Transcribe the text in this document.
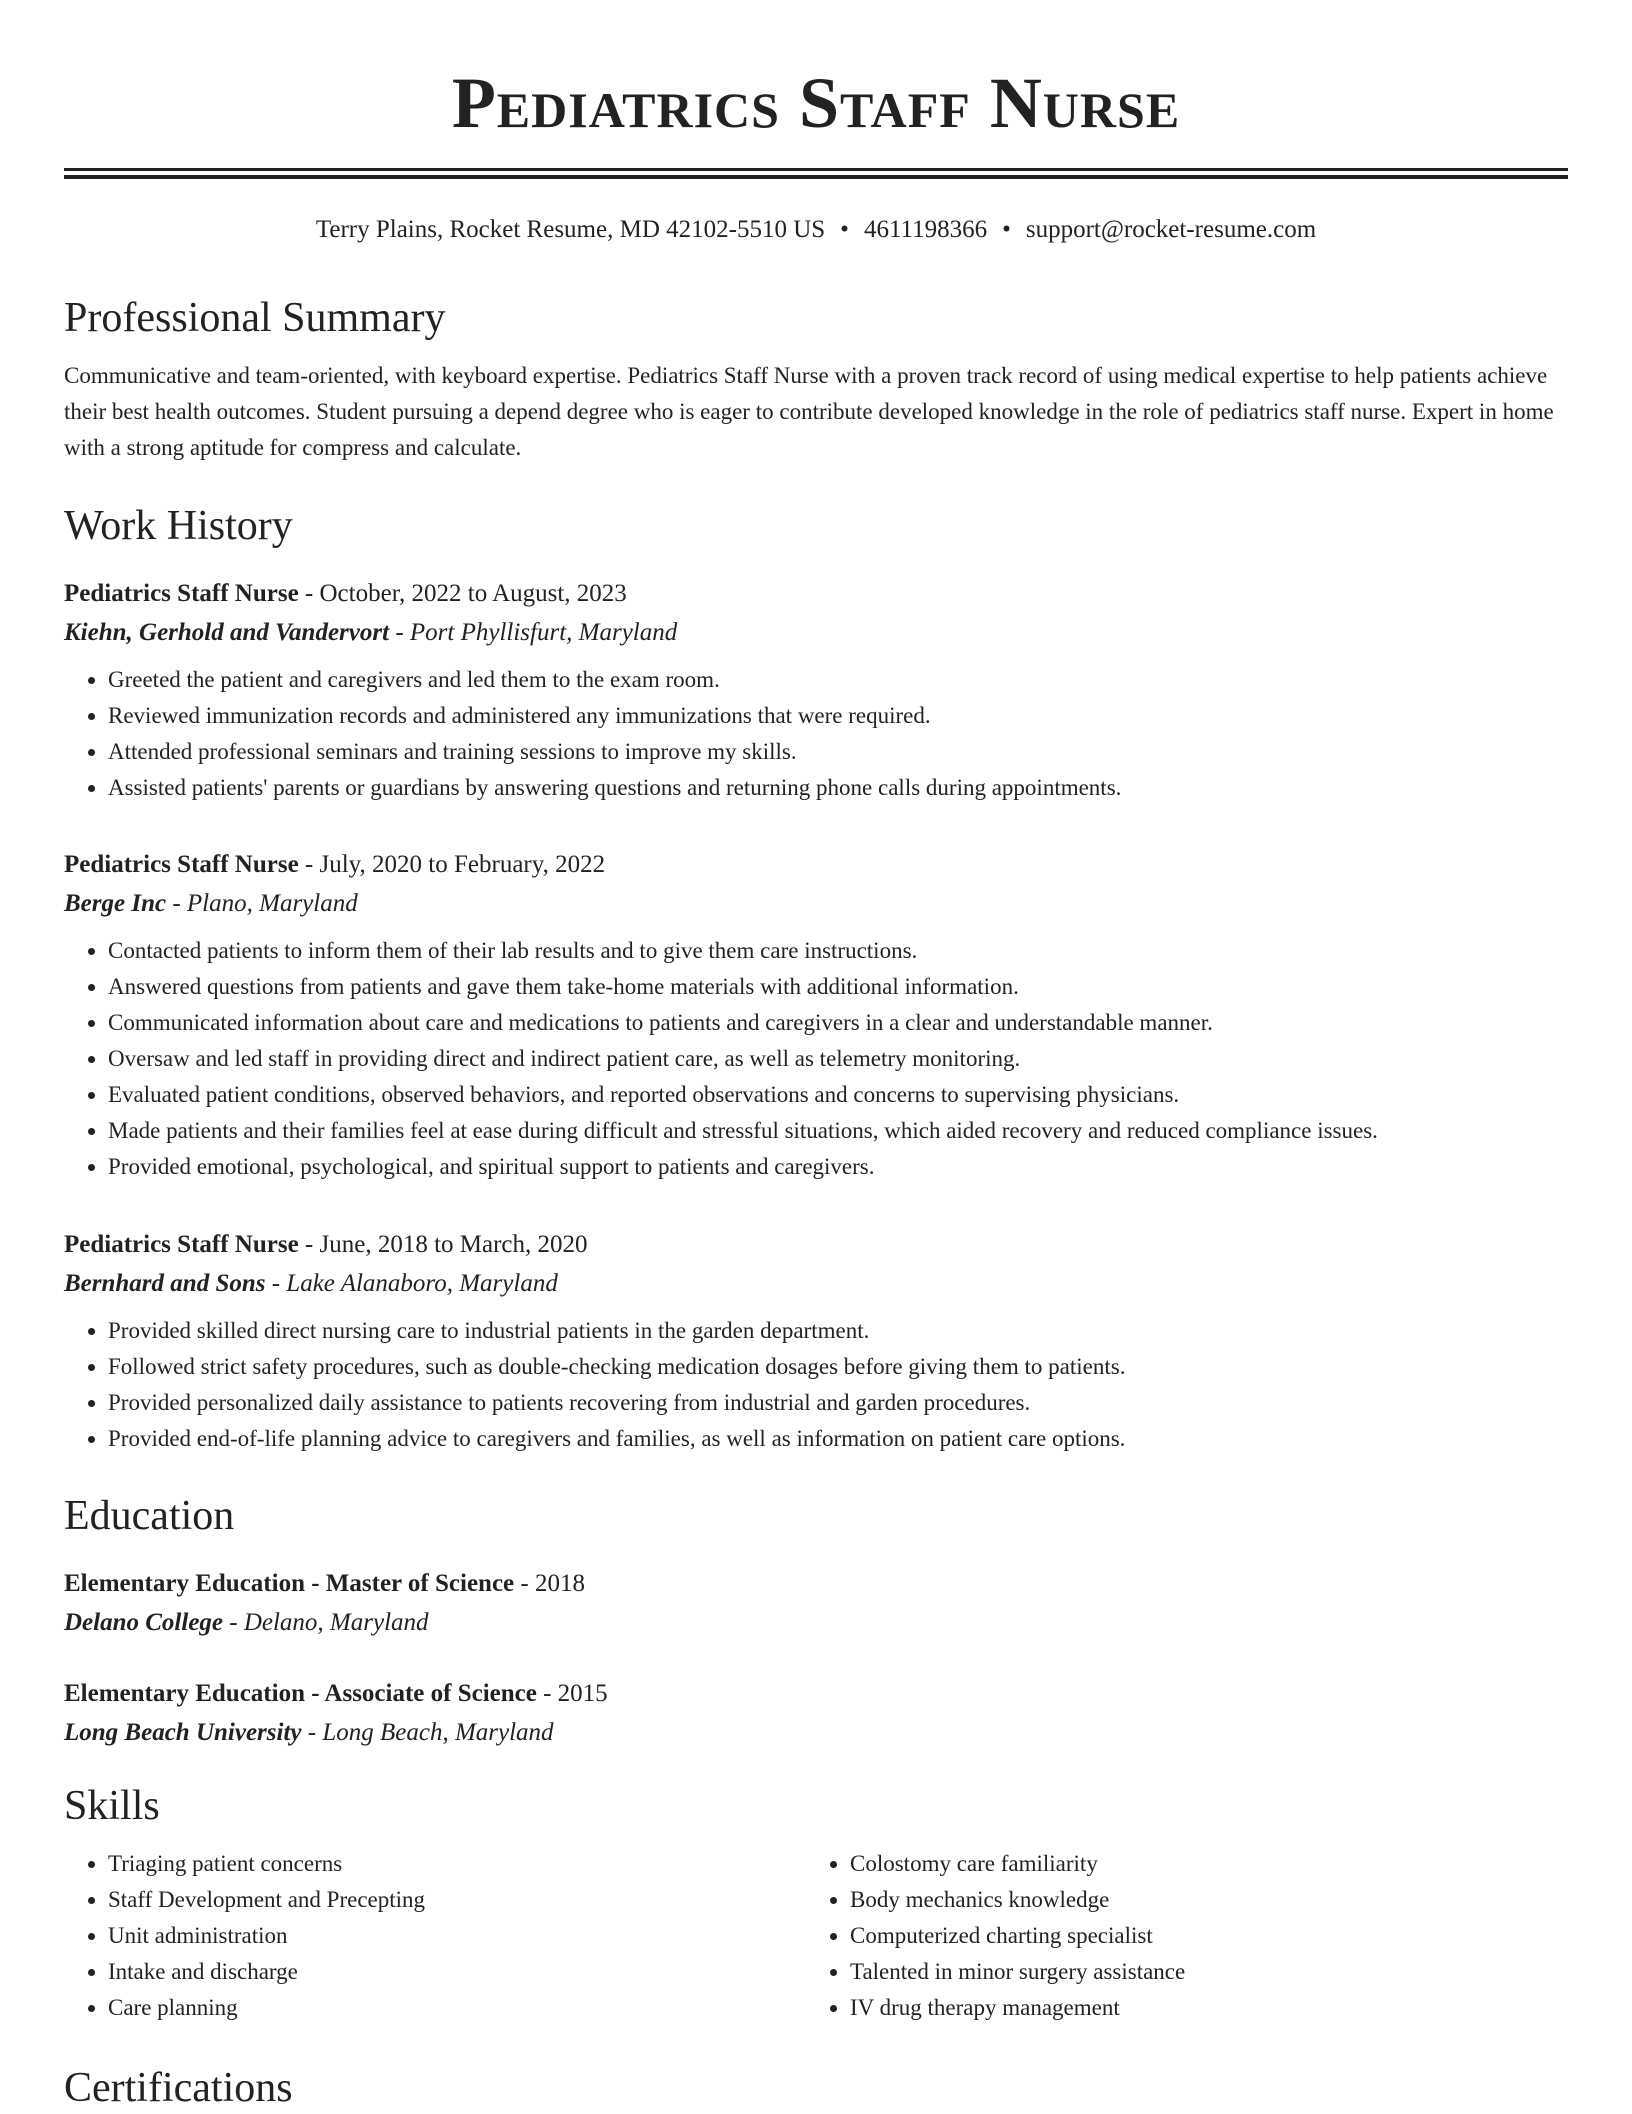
Pediatrics Staff Nurse
Terry Plains, Rocket Resume, MD 42102-5510 US • 4611198366 • support@rocket-resume.com
Professional Summary

Communicative and team-oriented, with keyboard expertise. Pediatrics Staff Nurse with a proven track record of using medical expertise to help patients achieve their best health outcomes. Student pursuing a depend degree who is eager to contribute developed knowledge in the role of pediatrics staff nurse. Expert in home with a strong aptitude for compress and calculate.

Work History
Pediatrics Staff Nurse - October, 2022 to August, 2023
Kiehn, Gerhold and Vandervort - Port Phyllisfurt, Maryland
• Greeted the patient and caregivers and led them to the exam room.
• Reviewed immunization records and administered any immunizations that were required.
• Attended professional seminars and training sessions to improve my skills.
• Assisted patients' parents or guardians by answering questions and returning phone calls during appointments.
Pediatrics Staff Nurse - July, 2020 to February, 2022
Berge Inc - Plano, Maryland
• Contacted patients to inform them of their lab results and to give them care instructions.
• Answered questions from patients and gave them take-home materials with additional information.
• Communicated information about care and medications to patients and caregivers in a clear and understandable manner.
• Oversaw and led staff in providing direct and indirect patient care, as well as telemetry monitoring.
• Evaluated patient conditions, observed behaviors, and reported observations and concerns to supervising physicians.
• Made patients and their families feel at ease during difficult and stressful situations, which aided recovery and reduced compliance issues.
• Provided emotional, psychological, and spiritual support to patients and caregivers.
Pediatrics Staff Nurse - June, 2018 to March, 2020
Bernhard and Sons - Lake Alanaboro, Maryland
• Provided skilled direct nursing care to industrial patients in the garden department.
• Followed strict safety procedures, such as double-checking medication dosages before giving them to patients.
• Provided personalized daily assistance to patients recovering from industrial and garden procedures.
• Provided end-of-life planning advice to caregivers and families, as well as information on patient care options.
Education
Elementary Education - Master of Science - 2018
Delano College - Delano, Maryland
Elementary Education - Associate of Science - 2015
Long Beach University - Long Beach, Maryland
Skills
• Triaging patient concerns
• Staff Development and Precepting
• Unit administration
• Intake and discharge
• Care planning
• Colostomy care familiarity
• Body mechanics knowledge
• Computerized charting specialist
• Talented in minor surgery assistance
• IV drug therapy management
Certifications
